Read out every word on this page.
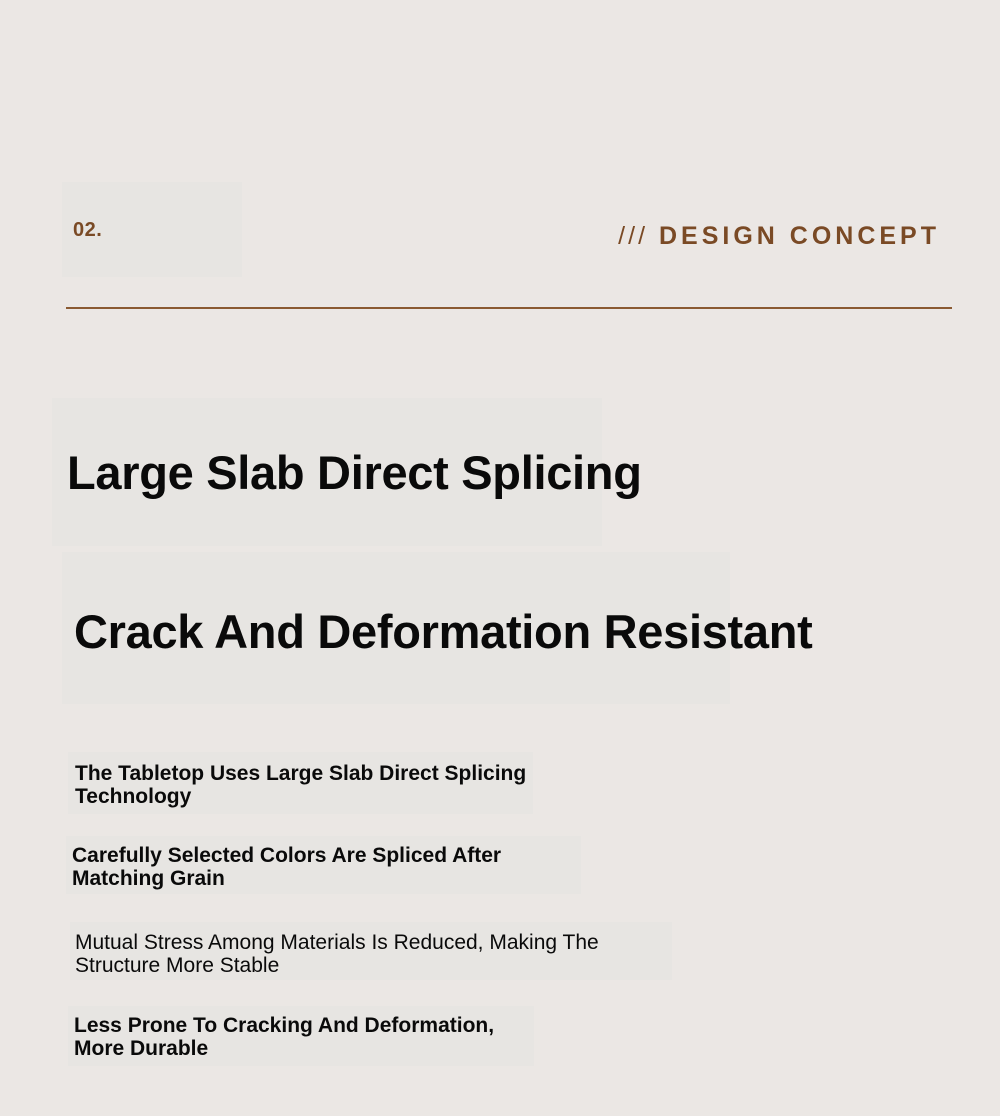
02.	/// DESIGN CONCEPT
Large Slab Direct Splicing
Crack And Deformation Resistant

The Tabletop Uses Large Slab Direct Splicing Technology

Carefully Selected Colors Are Spliced After Matching Grain

Mutual Stress Among Materials Is Reduced, Making The Structure More Stable

Less Prone To Cracking And Deformation, More Durable
